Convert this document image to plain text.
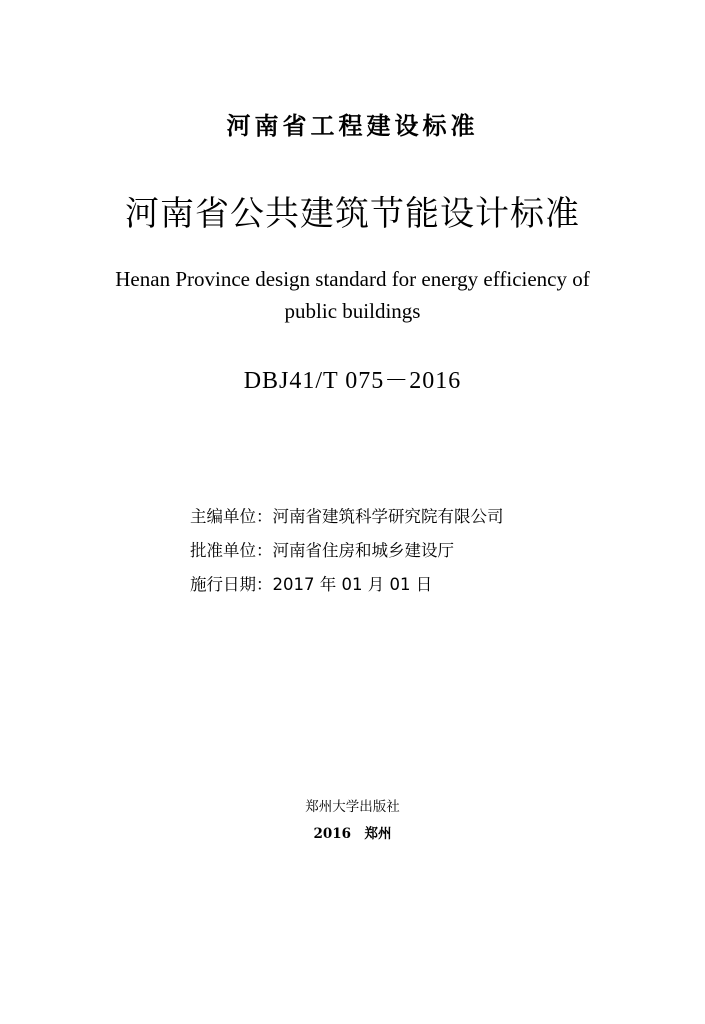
河南省工程建设标准
河南省公共建筑节能设计标准
Henan Province design standard for energy efficiency of
public buildings
DBJ41/T 075－2016
主编单位：河南省建筑科学研究院有限公司
批准单位：河南省住房和城乡建设厅
施行日期：2017 年 01 月 01 日
郑州大学出版社
2016　郑州
